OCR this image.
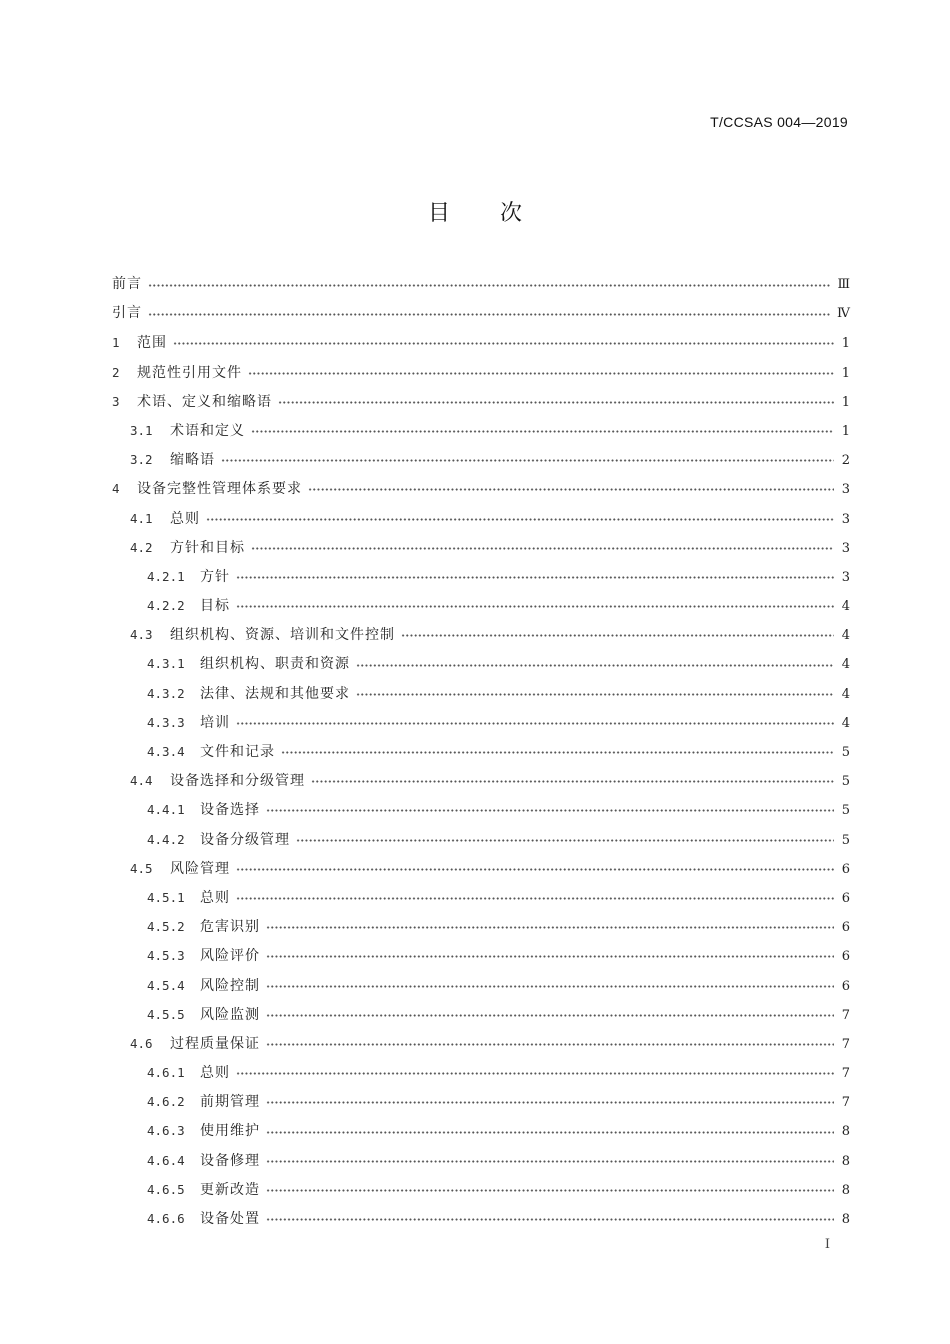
T/CCSAS 004—2019
目 次
前言	Ⅲ
引言	Ⅳ
1	范围	1
2	规范性引用文件	1
3	术语、定义和缩略语	1
3.1	术语和定义	1
3.2	缩略语	2
4	设备完整性管理体系要求	3
4.1	总则	3
4.2	方针和目标	3
4.2.1	方针	3
4.2.2	目标	4
4.3	组织机构、资源、培训和文件控制	4
4.3.1	组织机构、职责和资源	4
4.3.2	法律、法规和其他要求	4
4.3.3	培训	4
4.3.4	文件和记录	5
4.4	设备选择和分级管理	5
4.4.1	设备选择	5
4.4.2	设备分级管理	5
4.5	风险管理	6
4.5.1	总则	6
4.5.2	危害识别	6
4.5.3	风险评价	6
4.5.4	风险控制	6
4.5.5	风险监测	7
4.6	过程质量保证	7
4.6.1	总则	7
4.6.2	前期管理	7
4.6.3	使用维护	8
4.6.4	设备修理	8
4.6.5	更新改造	8
4.6.6	设备处置	8
I
